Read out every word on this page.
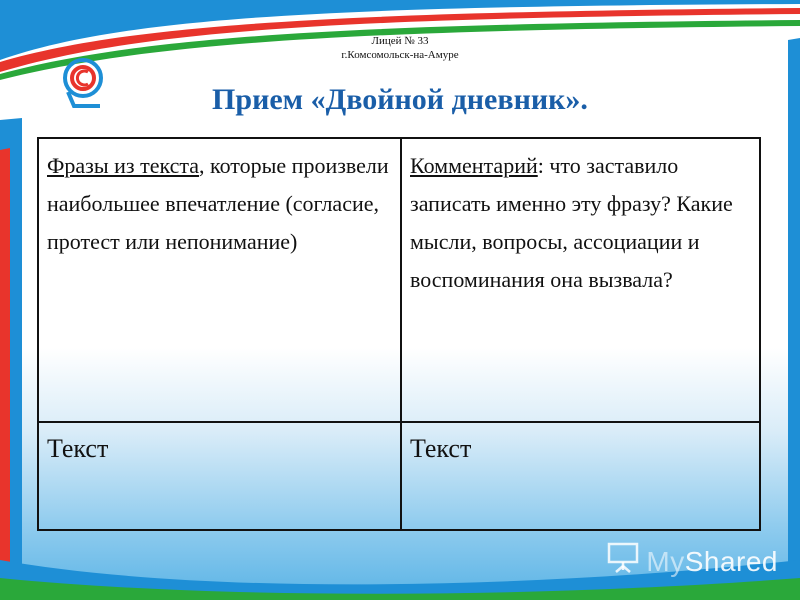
Лицей № 33
г.Комсомольск-на-Амуре
Прием «Двойной дневник».
Фразы из текста, которые произвели наибольшее впечатление (согласие, протест или непонимание)	Комментарий: что заставило записать именно эту фразу? Какие мысли, вопросы, ассоциации и воспоминания она вызвала?

Текст	Текст
MyShared
